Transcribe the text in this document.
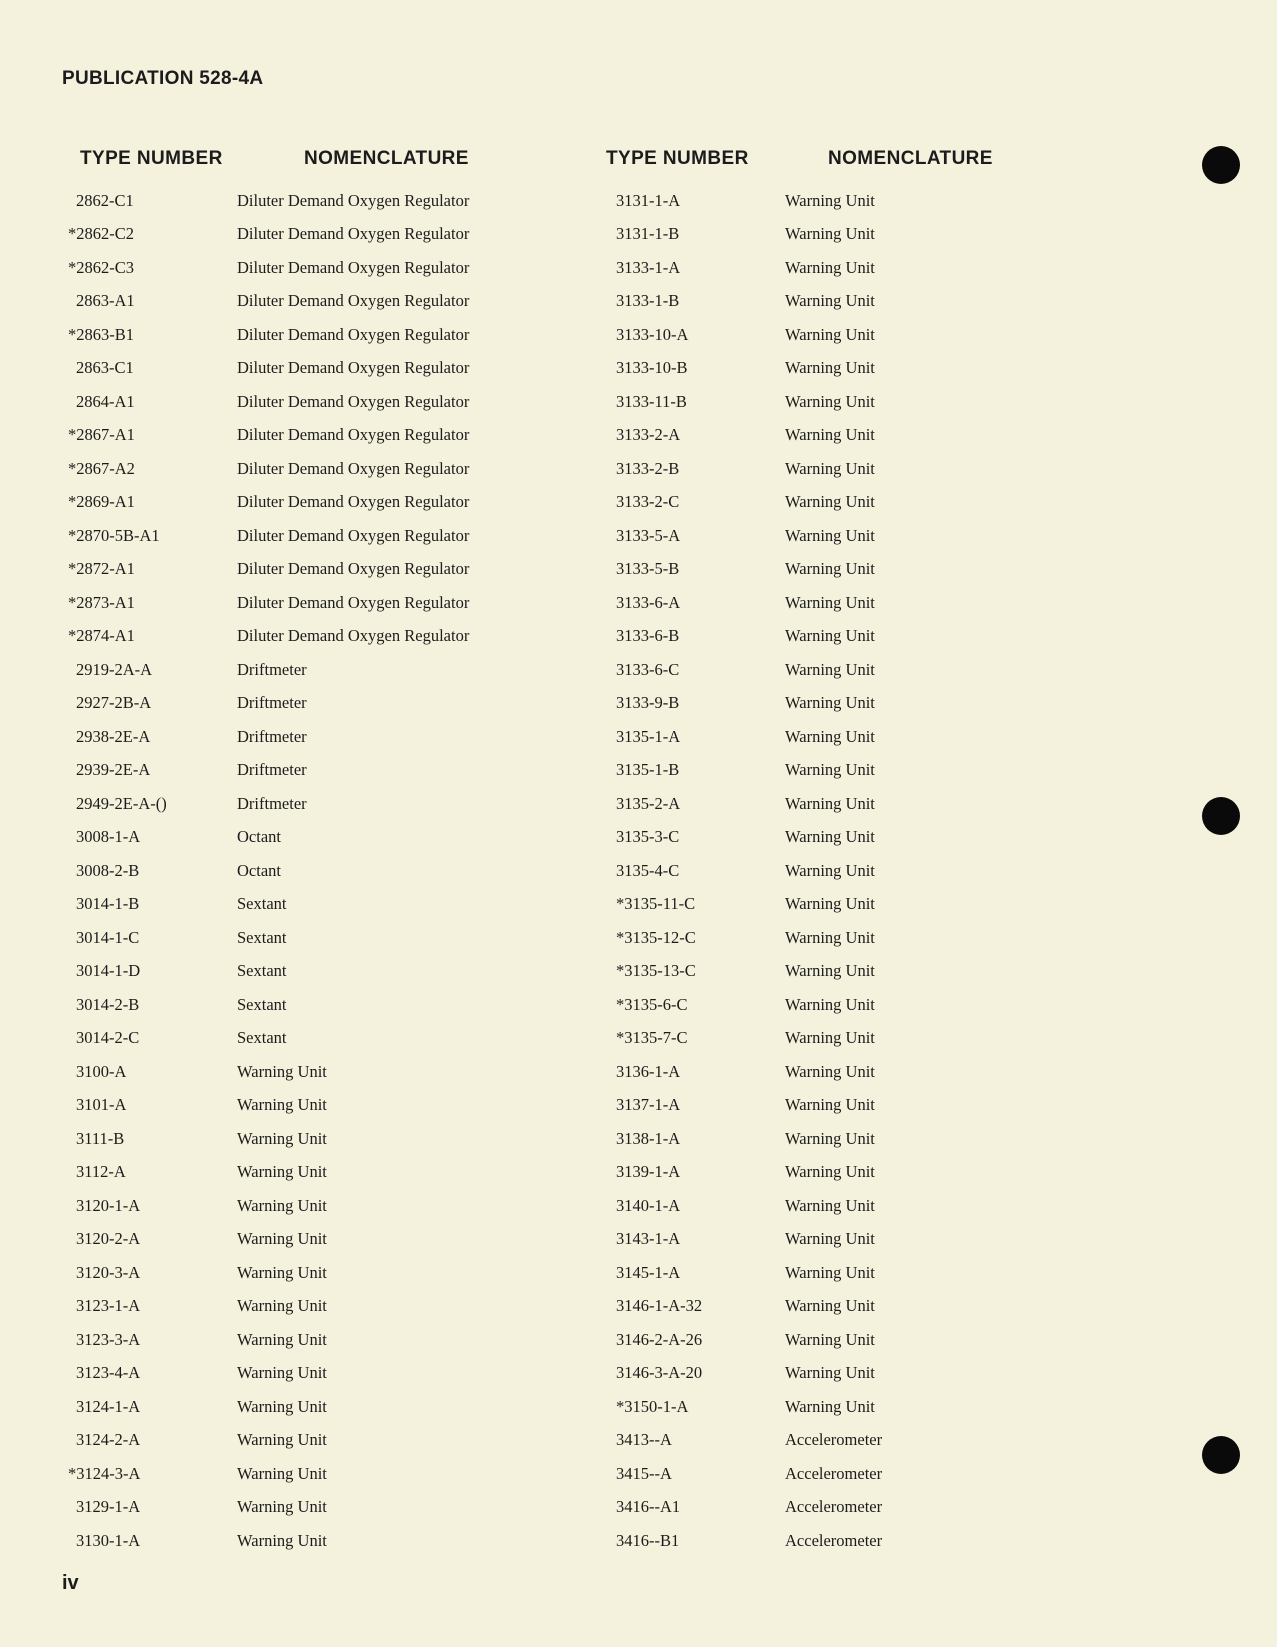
PUBLICATION 528-4A
TYPE NUMBER	NOMENCLATURE
2862-C1	Diluter Demand Oxygen Regulator
*2862-C2	Diluter Demand Oxygen Regulator
*2862-C3	Diluter Demand Oxygen Regulator
2863-A1	Diluter Demand Oxygen Regulator
*2863-B1	Diluter Demand Oxygen Regulator
2863-C1	Diluter Demand Oxygen Regulator
2864-A1	Diluter Demand Oxygen Regulator
*2867-A1	Diluter Demand Oxygen Regulator
*2867-A2	Diluter Demand Oxygen Regulator
*2869-A1	Diluter Demand Oxygen Regulator
*2870-5B-A1	Diluter Demand Oxygen Regulator
*2872-A1	Diluter Demand Oxygen Regulator
*2873-A1	Diluter Demand Oxygen Regulator
*2874-A1	Diluter Demand Oxygen Regulator
2919-2A-A	Driftmeter
2927-2B-A	Driftmeter
2938-2E-A	Driftmeter
2939-2E-A	Driftmeter
2949-2E-A-()	Driftmeter
3008-1-A	Octant
3008-2-B	Octant
3014-1-B	Sextant
3014-1-C	Sextant
3014-1-D	Sextant
3014-2-B	Sextant
3014-2-C	Sextant
3100-A	Warning Unit
3101-A	Warning Unit
3111-B	Warning Unit
3112-A	Warning Unit
3120-1-A	Warning Unit
3120-2-A	Warning Unit
3120-3-A	Warning Unit
3123-1-A	Warning Unit
3123-3-A	Warning Unit
3123-4-A	Warning Unit
3124-1-A	Warning Unit
3124-2-A	Warning Unit
*3124-3-A	Warning Unit
3129-1-A	Warning Unit
3130-1-A	Warning Unit
TYPE NUMBER	NOMENCLATURE
3131-1-A	Warning Unit
3131-1-B	Warning Unit
3133-1-A	Warning Unit
3133-1-B	Warning Unit
3133-10-A	Warning Unit
3133-10-B	Warning Unit
3133-11-B	Warning Unit
3133-2-A	Warning Unit
3133-2-B	Warning Unit
3133-2-C	Warning Unit
3133-5-A	Warning Unit
3133-5-B	Warning Unit
3133-6-A	Warning Unit
3133-6-B	Warning Unit
3133-6-C	Warning Unit
3133-9-B	Warning Unit
3135-1-A	Warning Unit
3135-1-B	Warning Unit
3135-2-A	Warning Unit
3135-3-C	Warning Unit
3135-4-C	Warning Unit
*3135-11-C	Warning Unit
*3135-12-C	Warning Unit
*3135-13-C	Warning Unit
*3135-6-C	Warning Unit
*3135-7-C	Warning Unit
3136-1-A	Warning Unit
3137-1-A	Warning Unit
3138-1-A	Warning Unit
3139-1-A	Warning Unit
3140-1-A	Warning Unit
3143-1-A	Warning Unit
3145-1-A	Warning Unit
3146-1-A-32	Warning Unit
3146-2-A-26	Warning Unit
3146-3-A-20	Warning Unit
*3150-1-A	Warning Unit
3413--A	Accelerometer
3415--A	Accelerometer
3416--A1	Accelerometer
3416--B1	Accelerometer
iv
